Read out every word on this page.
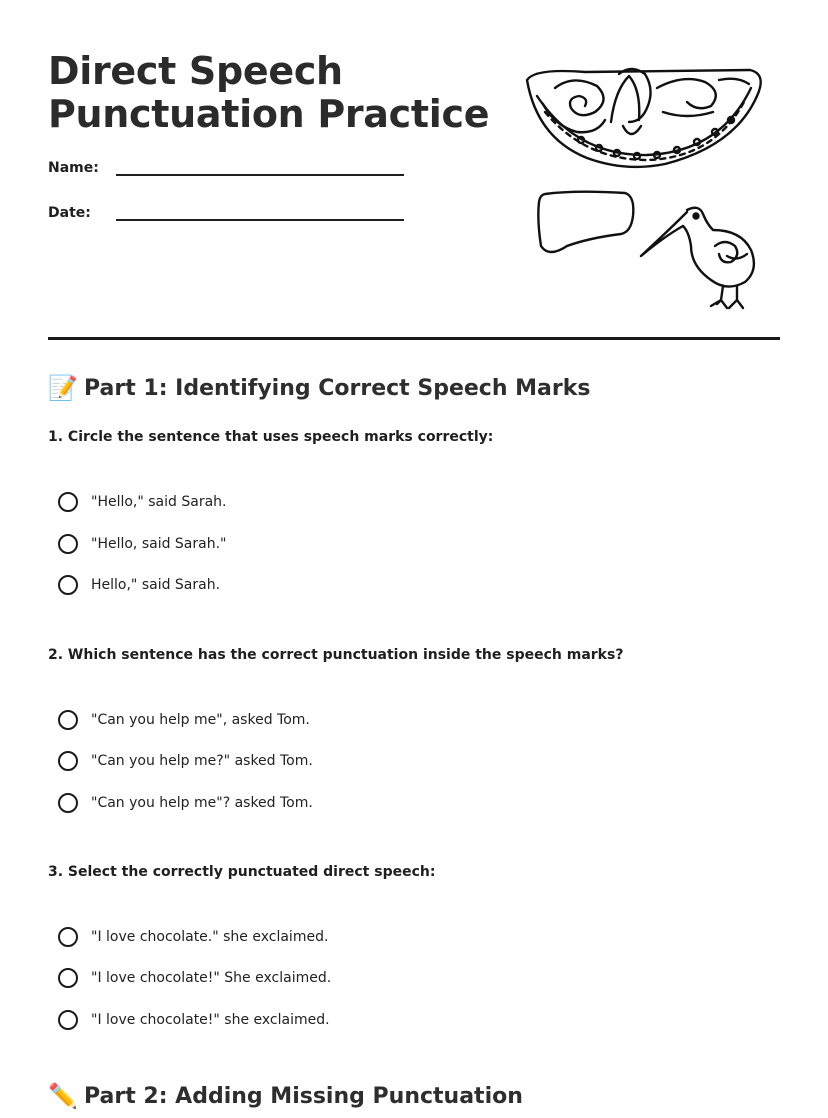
Direct Speech
Punctuation Practice
Name:
Date:
📝 Part 1: Identifying Correct Speech Marks

1. Circle the sentence that uses speech marks correctly:

"Hello," said Sarah.
"Hello, said Sarah."
Hello," said Sarah.

2. Which sentence has the correct punctuation inside the speech marks?

"Can you help me", asked Tom.
"Can you help me?" asked Tom.
"Can you help me"? asked Tom.

3. Select the correctly punctuated direct speech:

"I love chocolate." she exclaimed.
"I love chocolate!" She exclaimed.
"I love chocolate!" she exclaimed.
✏️ Part 2: Adding Missing Punctuation
